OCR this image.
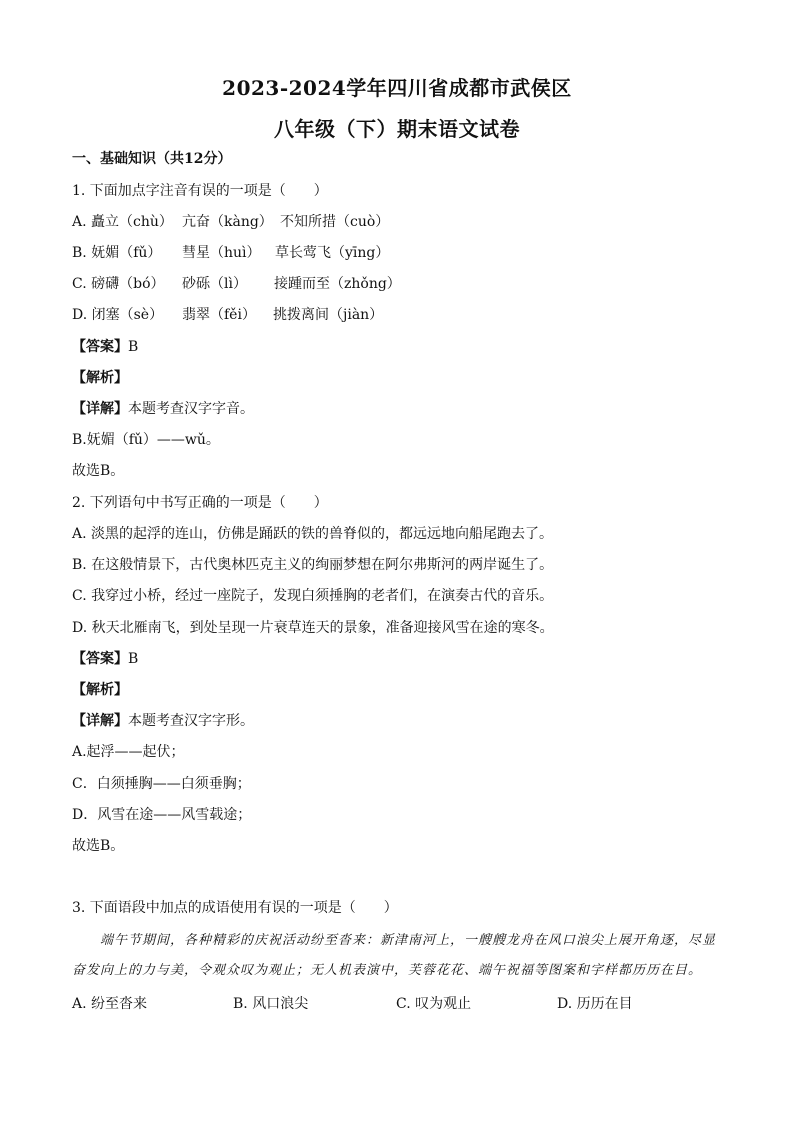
2023-2024学年四川省成都市武侯区
八年级（下）期末语文试卷
一、基础知识（共12分）
1. 下面加点字注音有误的一项是（　　）
A. 矗立（chù） 亢奋（kàng） 不知所措（cuò）
B. 妩媚（fǔ） 彗星（huì） 草长莺飞（yīng）
C. 磅礴（bó） 砂砾（lì） 接踵而至（zhǒng）
D. 闭塞（sè） 翡翠（fěi） 挑拨离间（jiàn）
【答案】B
【解析】
【详解】本题考查汉字字音。
B.妩媚（fǔ）——wǔ。
故选B。
2. 下列语句中书写正确的一项是（　　）
A. 淡黑的起浮的连山，仿佛是踊跃的铁的兽脊似的，都远远地向船尾跑去了。
B. 在这般情景下，古代奥林匹克主义的绚丽梦想在阿尔弗斯河的两岸诞生了。
C. 我穿过小桥，经过一座院子，发现白须捶胸的老者们，在演奏古代的音乐。
D. 秋天北雁南飞，到处呈现一片衰草连天的景象，准备迎接风雪在途的寒冬。
【答案】B
【解析】
【详解】本题考查汉字字形。
A.起浮——起伏；
C．白须捶胸——白须垂胸；
D．风雪在途——风雪载途；
故选B。
3. 下面语段中加点的成语使用有误的一项是（　　）
端午节期间，各种精彩的庆祝活动纷至沓来：新津南河上，一艘艘龙舟在风口浪尖上展开角逐，尽显
奋发向上的力与美，令观众叹为观止；无人机表演中，芙蓉花花、端午祝福等图案和字样都历历在目。
A. 纷至沓来	B. 风口浪尖	C. 叹为观止	D. 历历在目
